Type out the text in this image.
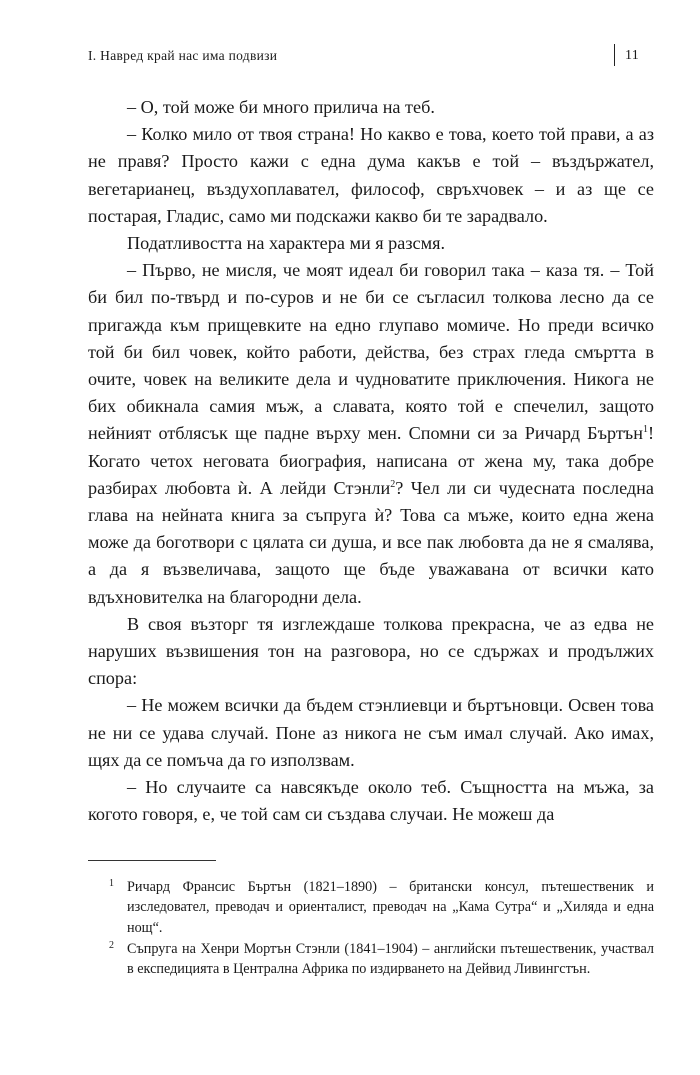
I. Навред край нас има подвизи	11

– О, той може би много прилича на теб.

– Колко мило от твоя страна! Но какво е това, което той прави, а аз не правя? Просто кажи с една дума какъв е той – въздържател, вегетарианец, въздухоплавател, философ, свръхчовек – и аз ще се постарая, Гладис, само ми подскажи какво би те зарадвало.

Податливостта на характера ми я разсмя.

– Първо, не мисля, че моят идеал би говорил така – каза тя. – Той би бил по-твърд и по-суров и не би се съгласил толкова лесно да се пригажда към прищевките на едно глупаво момиче. Но преди всичко той би бил човек, който работи, действа, без страх гледа смъртта в очите, човек на великите дела и чудноватите приключения. Никога не бих обикнала самия мъж, а славата, която той е спечелил, защото нейният отблясък ще падне върху мен. Спомни си за Ричард Бъртън$^1$! Когато четох неговата биография, написана от жена му, така добре разбирах любовта ѝ. А лейди Стэнли$^2$? Чел ли си чудесната последна глава на нейната книга за съпруга ѝ? Това са мъже, които една жена може да боготвори с цялата си душа, и все пак любовта да не я смалява, а да я възвеличава, защото ще бъде уважавана от всички като вдъхновителка на благородни дела.

В своя възторг тя изглеждаше толкова прекрасна, че аз едва не наруших възвишения тон на разговора, но се сдържах и продължих спора:

– Не можем всички да бъдем стэнлиевци и бъртъновци. Освен това не ни се удава случай. Поне аз никога не съм имал случай. Ако имах, щях да се помъча да го използвам.

– Но случаите са навсякъде около теб. Същността на мъжа, за когото говоря, е, че той сам си създава случаи. Не можеш да

1 Ричард Франсис Бъртън (1821–1890) – британски консул, пътешественик и изследовател, преводач и ориенталист, преводач на „Кама Сутра“ и „Хиляда и една нощ“.
2 Съпруга на Хенри Мортън Стэнли (1841–1904) – английски пътешественик, участвал в експедицията в Централна Африка по издирването на Дейвид Ливингстън.
